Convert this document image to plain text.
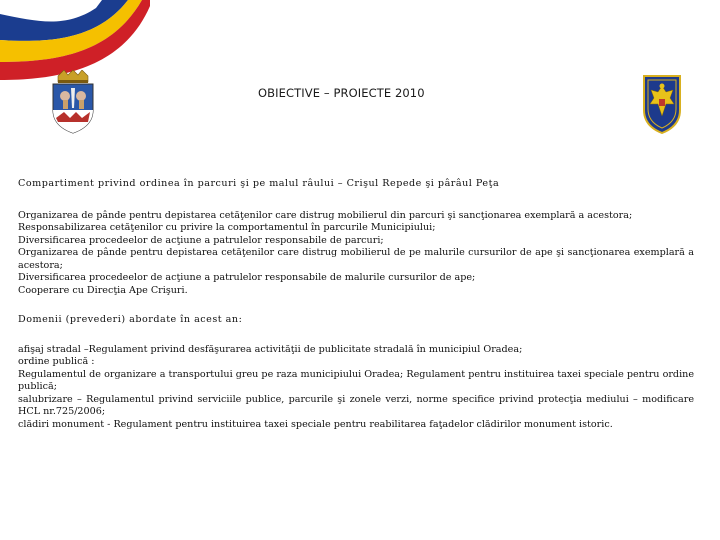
OBIECTIVE – PROIECTE 2010

Compartiment privind ordinea în parcuri şi pe malul râului – Crişul Repede şi pârâul Peţa

Organizarea de pânde pentru depistarea cetăţenilor care distrug mobilierul din parcuri şi sancţionarea exemplară a acestora;

Responsabilizarea cetăţenilor cu privire la comportamentul în parcurile Municipiului;

Diversificarea procedeelor de acţiune a patrulelor responsabile de parcuri;

Organizarea de pânde pentru depistarea cetăţenilor care distrug mobilierul de pe malurile cursurilor de ape şi sancţionarea exemplară a acestora;

Diversificarea procedeelor de acţiune a patrulelor responsabile de malurile cursurilor de ape;

Cooperare cu Direcţia Ape Crişuri.

Domenii (prevederi) abordate în acest an:

afişaj stradal –Regulament privind desfăşurarea activităţii de publicitate stradală în municipiul Oradea;

ordine publică :

Regulamentul de organizare a transportului greu pe raza municipiului Oradea; Regulament pentru instituirea taxei speciale pentru ordine publică;

salubrizare – Regulamentul privind serviciile publice, parcurile şi zonele verzi, norme specifice privind protecţia mediului – modificare HCL nr.725/2006;

clădiri monument - Regulament pentru instituirea taxei speciale pentru reabilitarea faţadelor clădirilor monument istoric.
